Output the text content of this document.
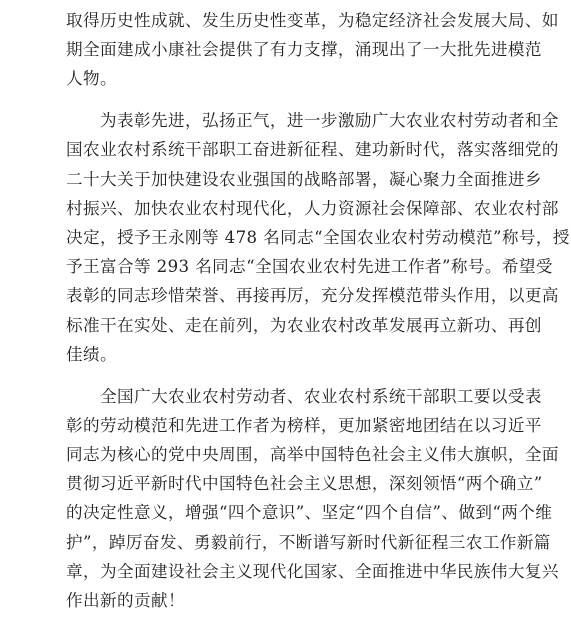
取得历史性成就、发生历史性变革，为稳定经济社会发展大局、如
期全面建成小康社会提供了有力支撑，涌现出了一大批先进模范
人物。
为表彰先进，弘扬正气，进一步激励广大农业农村劳动者和全
国农业农村系统干部职工奋进新征程、建功新时代，落实落细党的
二十大关于加快建设农业强国的战略部署，凝心聚力全面推进乡
村振兴、加快农业农村现代化，人力资源社会保障部、农业农村部
决定，授予王永刚等 478 名同志“全国农业农村劳动模范”称号，授
予王富合等 293 名同志“全国农业农村先进工作者”称号。希望受
表彰的同志珍惜荣誉、再接再厉，充分发挥模范带头作用，以更高
标准干在实处、走在前列，为农业农村改革发展再立新功、再创
佳绩。
全国广大农业农村劳动者、农业农村系统干部职工要以受表
彰的劳动模范和先进工作者为榜样，更加紧密地团结在以习近平
同志为核心的党中央周围，高举中国特色社会主义伟大旗帜，全面
贯彻习近平新时代中国特色社会主义思想，深刻领悟“两个确立”
的决定性意义，增强“四个意识”、坚定“四个自信”、做到“两个维
护”，踔厉奋发、勇毅前行，不断谱写新时代新征程三农工作新篇
章，为全面建设社会主义现代化国家、全面推进中华民族伟大复兴
作出新的贡献！
